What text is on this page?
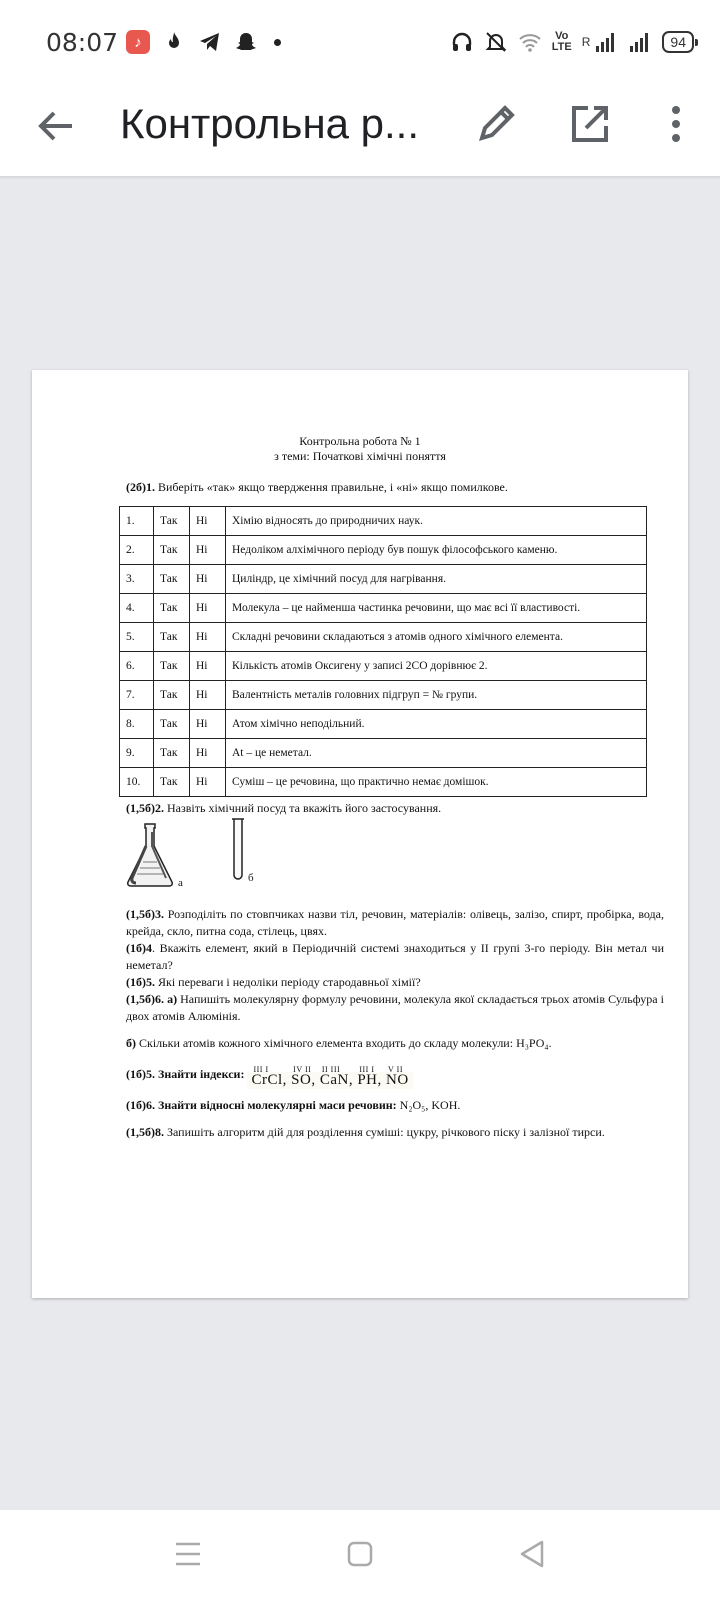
08:07	♪	Vo
LTE R	94
Контрольна р...
Контрольна робота № 1
з теми: Початкові хімічні поняття
(2б)1. Виберіть «так» якщо твердження правильне, і «ні» якщо помилкове.
1.	Так	Ні	Хімію відносять до природничих наук.
2.	Так	Ні	Недоліком алхімічного періоду був пошук філософського каменю.
3.	Так	Ні	Циліндр, це хімічний посуд для нагрівання.
4.	Так	Ні	Молекула – це найменша частинка речовини, що має всі її властивості.
5.	Так	Ні	Складні речовини складаються з атомів одного хімічного елемента.
6.	Так	Ні	Кількість атомів Оксигену у записі 2СО дорівнює 2.
7.	Так	Ні	Валентність металів головних підгруп = № групи.
8.	Так	Ні	Атом хімічно неподільний.
9.	Так	Ні	At – це неметал.
10.	Так	Ні	Суміш – це речовина, що практично немає домішок.
(1,5б)2. Назвіть хімічний посуд та вкажіть його застосування.
а	б

(1,5б)3. Розподіліть по стовпчиках назви тіл, речовин, матеріалів: олівець, залізо, спирт, пробірка, вода, крейда, скло, питна сода, стілець, цвях.

(1б)4. Вкажіть елемент, який в Періодичній системі знаходиться у ІІ групі 3-го періоду. Він метал чи неметал?

(1б)5. Які переваги і недоліки періоду стародавньої хімії?

(1,5б)6. а) Напишіть молекулярну формулу речовини, молекула якої складається трьох атомів Сульфура і двох атомів Алюмінія.

б) Скільки атомів кожного хімічного елемента входить до складу молекули: Н₃РО₄.

(1б)5. Знайти індекси: III I
CrCl,
IV II
SO,
II III
CaN,
III I
PH,
V II
NO

(1б)6. Знайти відносні молекулярні маси речовин: N₂O₅, KOH.

(1,5б)8. Запишіть алгоритм дій для розділення суміші: цукру, річкового піску і залізної тирси.
